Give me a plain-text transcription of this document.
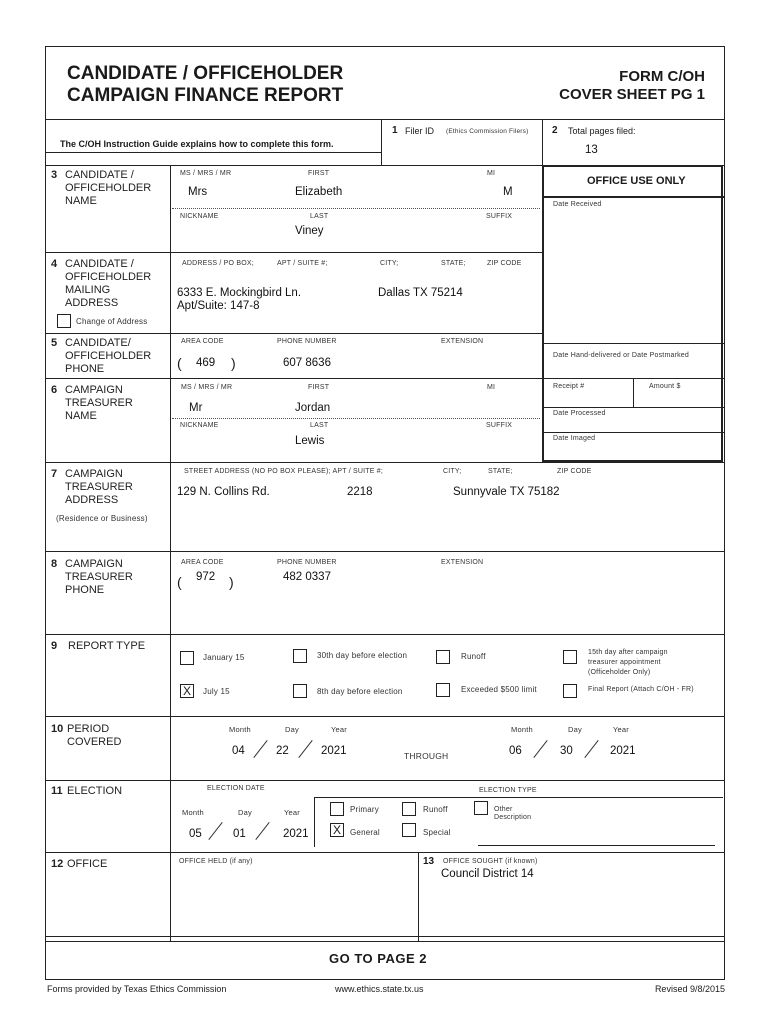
CANDIDATE / OFFICEHOLDER
CAMPAIGN FINANCE REPORT
FORM C/OH
COVER SHEET PG 1
The C/OH Instruction Guide explains how to complete this form.
1 Filer ID (Ethics Commission Filers) 2 Total pages filed:
13
OFFICE USE ONLY
Date Received
Date Hand-delivered or Date Postmarked
Receipt #	Amount $
Date Processed
Date Imaged
3 CANDIDATE /
OFFICEHOLDER
NAME
MS / MRS / MR	FIRST	MI
Mrs	Elizabeth	M
NICKNAME	LAST	SUFFIX
Viney
4 CANDIDATE /
OFFICEHOLDER
MAILING
ADDRESS
Change of Address
ADDRESS / PO BOX;	APT / SUITE #;	CITY;	STATE;	ZIP CODE
6333 E. Mockingbird Ln.
Apt/Suite: 147-8
Dallas TX 75214
5 CANDIDATE/
OFFICEHOLDER
PHONE
AREA CODE	PHONE NUMBER	EXTENSION
( 469 )	607 8636
6 CAMPAIGN
TREASURER
NAME
MS / MRS / MR	FIRST	MI
Mr	Jordan
NICKNAME	LAST	SUFFIX
Lewis
7 CAMPAIGN
TREASURER
ADDRESS
(Residence or Business)
STREET ADDRESS (NO PO BOX PLEASE); APT / SUITE #;	CITY;	STATE;	ZIP CODE
129 N. Collins Rd.	2218	Sunnyvale TX 75182
8 CAMPAIGN
TREASURER
PHONE
AREA CODE	PHONE NUMBER	EXTENSION
( 972 )	482 0337
9 REPORT TYPE
January 15
X	July 15
30th day before election
8th day before election
Runoff
Exceeded $500 limit
15th day after campaign
treasurer appointment
(Officeholder Only)
Final Report (Attach C/OH - FR)
10 PERIOD
COVERED
Month	Day	Year
04	22	2021	THROUGH
Month	Day	Year
06	30	2021
11 ELECTION	ELECTION DATE	ELECTION TYPE
Month	Day	Year
05	01	2021
Primary
X	General
Runoff
Special
Other
Description
12 OFFICE	OFFICE HELD (if any)	13 OFFICE SOUGHT (if known)
Council District 14
GO TO PAGE 2
Forms provided by Texas Ethics Commission	www.ethics.state.tx.us	Revised 9/8/2015
